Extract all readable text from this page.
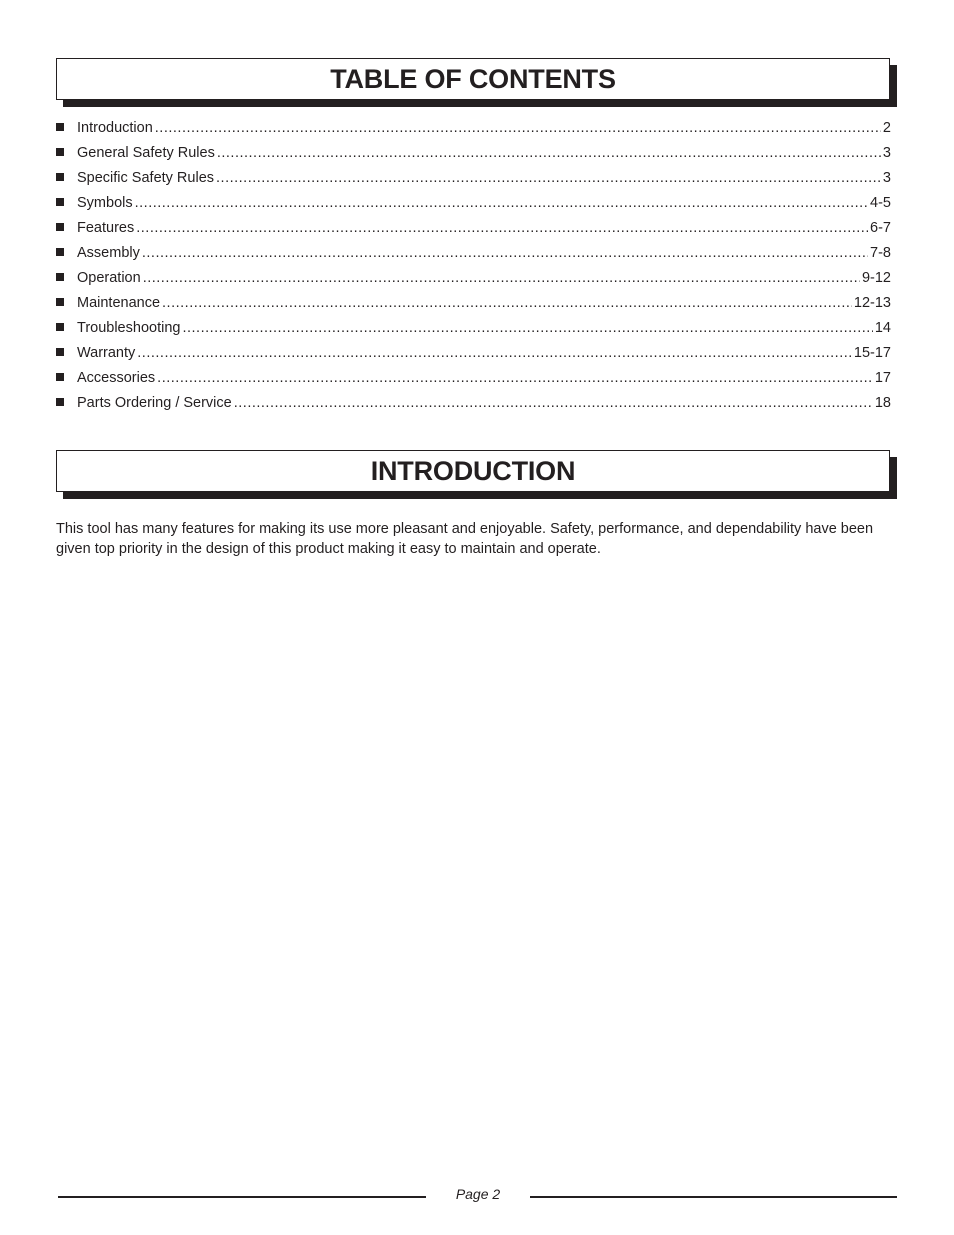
TABLE OF CONTENTS
Introduction .....	2
General Safety Rules .....	3
Specific Safety Rules .....	3
Symbols .....	4-5
Features .....	6-7
Assembly .....	7-8
Operation .....	9-12
Maintenance .....	12-13
Troubleshooting .....	14
Warranty .....	15-17
Accessories .....	17
Parts Ordering / Service .....	18
INTRODUCTION

This tool has many features for making its use more pleasant and enjoyable. Safety, performance, and dependability have been given top priority in the design of this product making it easy to maintain and operate.

Page 2
